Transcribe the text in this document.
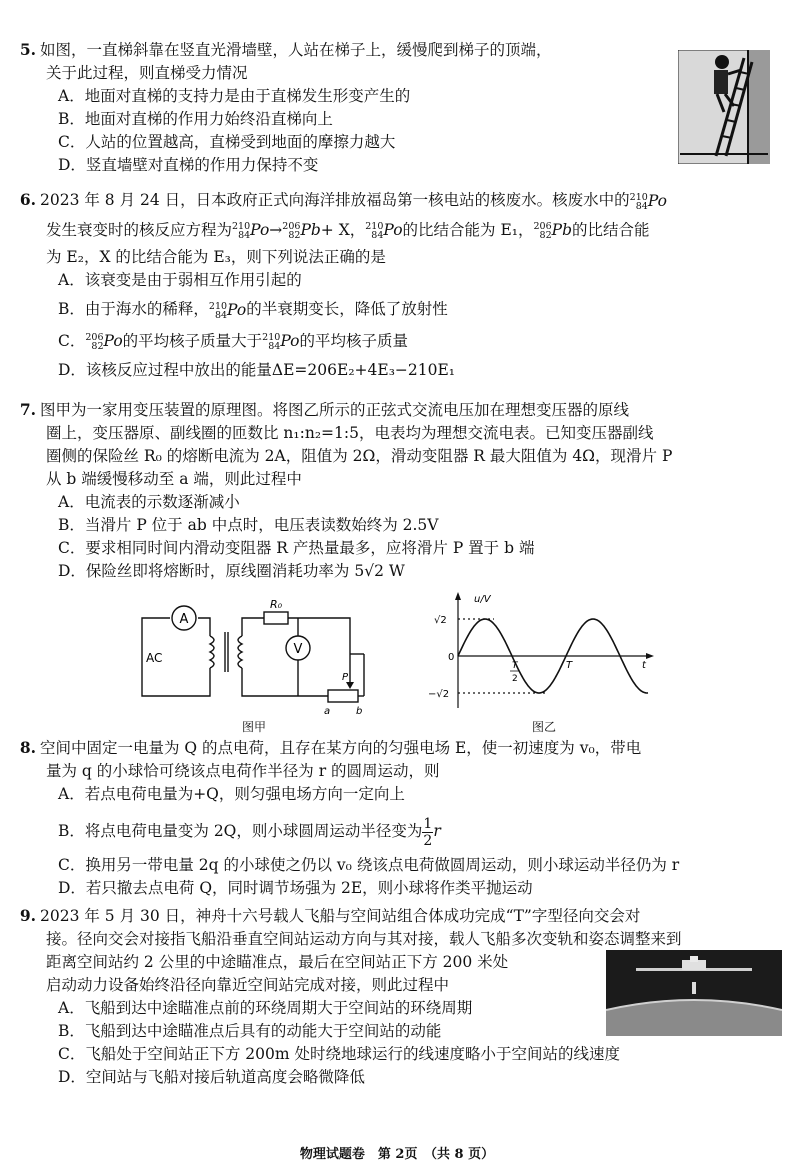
5. 如图，一直梯斜靠在竖直光滑墙壁，人站在梯子上，缓慢爬到梯子的顶端，
关于此过程，则直梯受力情况
A．地面对直梯的支持力是由于直梯发生形变产生的
B．地面对直梯的作用力始终沿直梯向上
C．人站的位置越高，直梯受到地面的摩擦力越大
D．竖直墙壁对直梯的作用力保持不变
6. 2023 年 8 月 24 日，日本政府正式向海洋排放福岛第一核电站的核废水。核废水中的 210
84 Po
发生衰变时的核反应方程为 210
84 Po→ 206
82 Pb+ X， 210
84 Po的比结合能为 E₁， 206
82 Pb的比结合能
为 E₂，X 的比结合能为 E₃，则下列说法正确的是
A．该衰变是由于弱相互作用引起的
B．由于海水的稀释， 210
84 Po的半衰期变长，降低了放射性
C． 206
82 Po的平均核子质量大于 210
84 Po的平均核子质量
D．该核反应过程中放出的能量ΔE=206E₂+4E₃−210E₁
7. 图甲为一家用变压装置的原理图。将图乙所示的正弦式交流电压加在理想变压器的原线
圈上，变压器原、副线圈的匝数比 n₁:n₂=1:5，电表均为理想交流电表。已知变压器副线
圈侧的保险丝 R₀ 的熔断电流为 2A，阻值为 2Ω，滑动变阻器 R 最大阻值为 4Ω，现滑片 P
从 b 端缓慢移动至 a 端，则此过程中
A．电流表的示数逐渐减小
B．当滑片 P 位于 ab 中点时，电压表读数始终为 2.5V
C．要求相同时间内滑动变阻器 R 产热量最多，应将滑片 P 置于 b 端
D．保险丝即将熔断时，原线圈消耗功率为 5√2 W
A
V
AC
R₀
P
a	b
图甲
u/V
√2
−√2
0
T
2
T	t
图乙
8. 空间中固定一电量为 Q 的点电荷，且存在某方向的匀强电场 E，使一初速度为 v₀，带电
量为 q 的小球恰可绕该点电荷作半径为 r 的圆周运动，则
A．若点电荷电量为+Q，则匀强电场方向一定向上
B．将点电荷电量变为 2Q，则小球圆周运动半径变为 $\frac{1}{2}$ r
C．换用另一带电量 2q 的小球使之仍以 v₀ 绕该点电荷做圆周运动，则小球运动半径仍为 r
D．若只撤去点电荷 Q，同时调节场强为 2E，则小球将作类平抛运动
9. 2023 年 5 月 30 日，神舟十六号载人飞船与空间站组合体成功完成“T”字型径向交会对
接。径向交会对接指飞船沿垂直空间站运动方向与其对接，载人飞船多次变轨和姿态调整来到
距离空间站约 2 公里的中途瞄准点，最后在空间站正下方 200 米处
启动动力设备始终沿径向靠近空间站完成对接，则此过程中
A．飞船到达中途瞄准点前的环绕周期大于空间站的环绕周期
B．飞船到达中途瞄准点后具有的动能大于空间站的动能
C．飞船处于空间站正下方 200m 处时绕地球运行的线速度略小于空间站的线速度
D．空间站与飞船对接后轨道高度会略微降低
物理试题卷　第 2页　（共 8 页）
